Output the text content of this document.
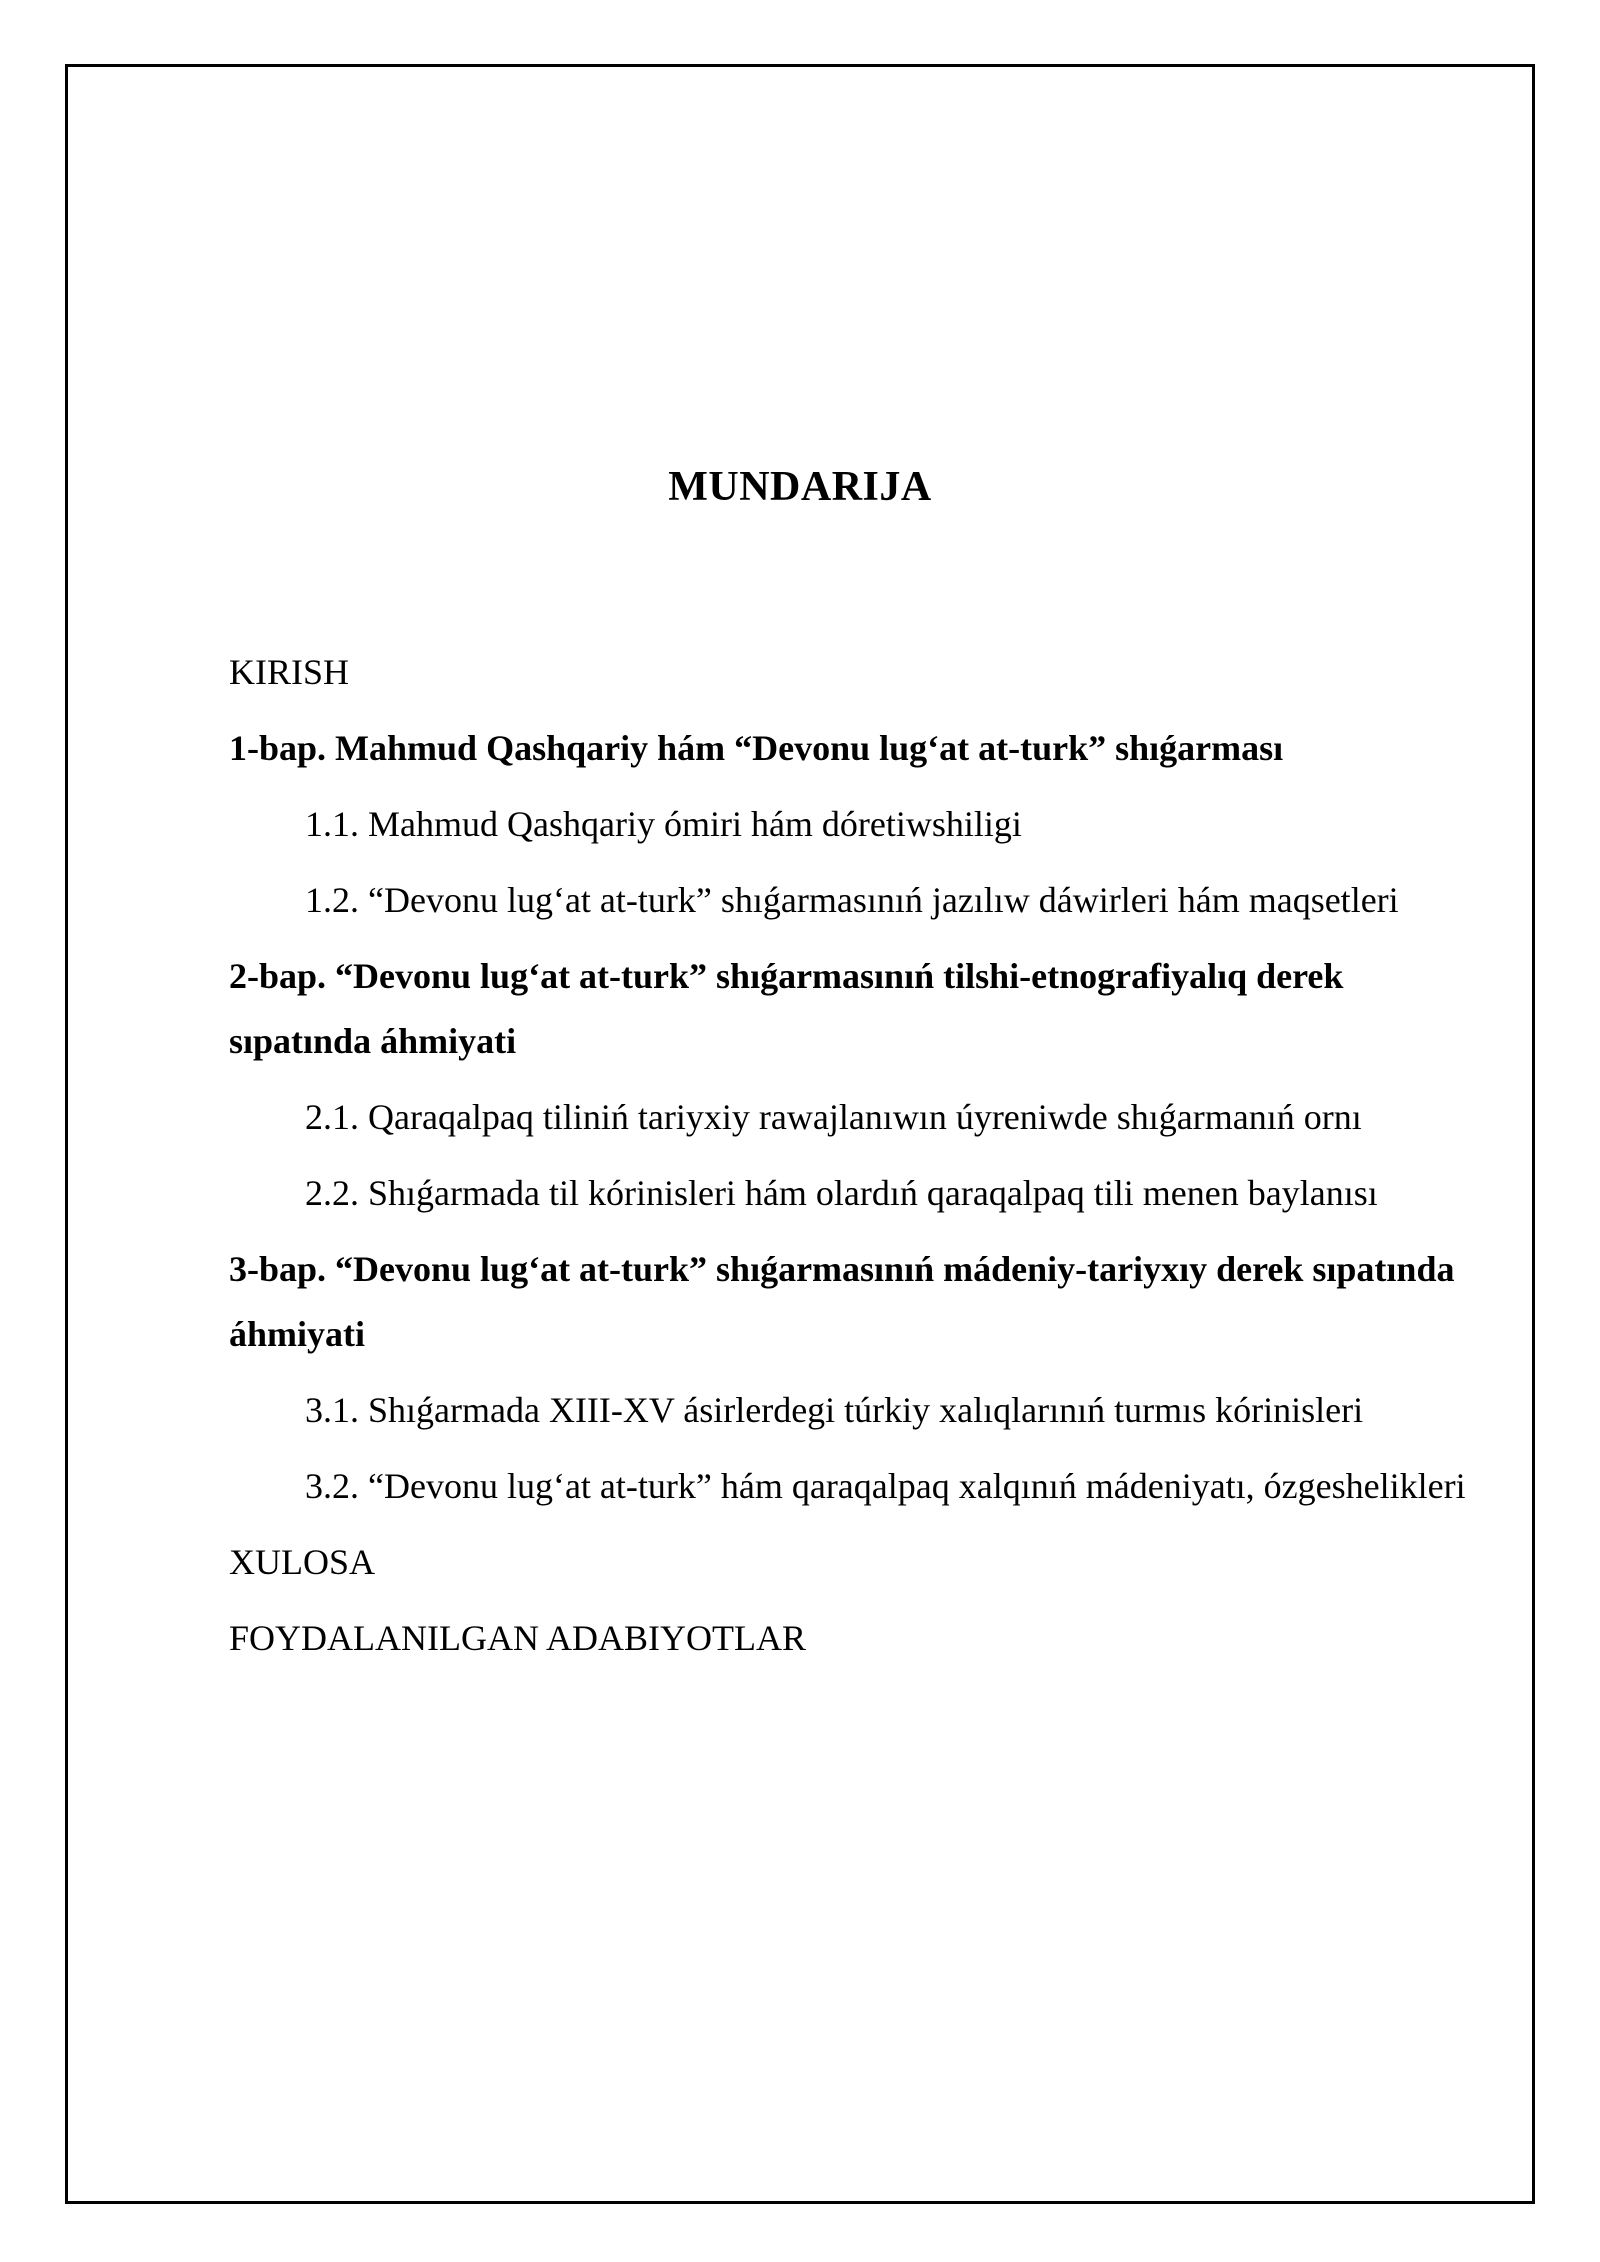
MUNDARIJA
KIRISH
1-bap. Mahmud Qashqariy hám “Devonu lug‘at at-turk” shıǵarması
1.1. Mahmud Qashqariy ómiri hám dóretiwshiligi
1.2. “Devonu lug‘at at-turk” shıǵarmasınıń jazılıw dáwirleri hám maqsetleri
2-bap. “Devonu lug‘at at-turk” shıǵarmasınıń tilshi-etnografiyalıq derek sıpatında áhmiyati
2.1. Qaraqalpaq tiliniń tariyxiy rawajlanıwın úyreniwde shıǵarmanıń ornı
2.2. Shıǵarmada til kórinisleri hám olardıń qaraqalpaq tili menen baylanısı
3-bap. “Devonu lug‘at at-turk” shıǵarmasınıń mádeniy-tariyxıy derek sıpatında áhmiyati
3.1. Shıǵarmada XIII-XV ásirlerdegi túrkiy xalıqlarınıń turmıs kórinisleri
3.2. “Devonu lug‘at at-turk” hám qaraqalpaq xalqınıń mádeniyatı, ózgeshelikleri
XULOSA
FOYDALANILGAN ADABIYOTLAR
